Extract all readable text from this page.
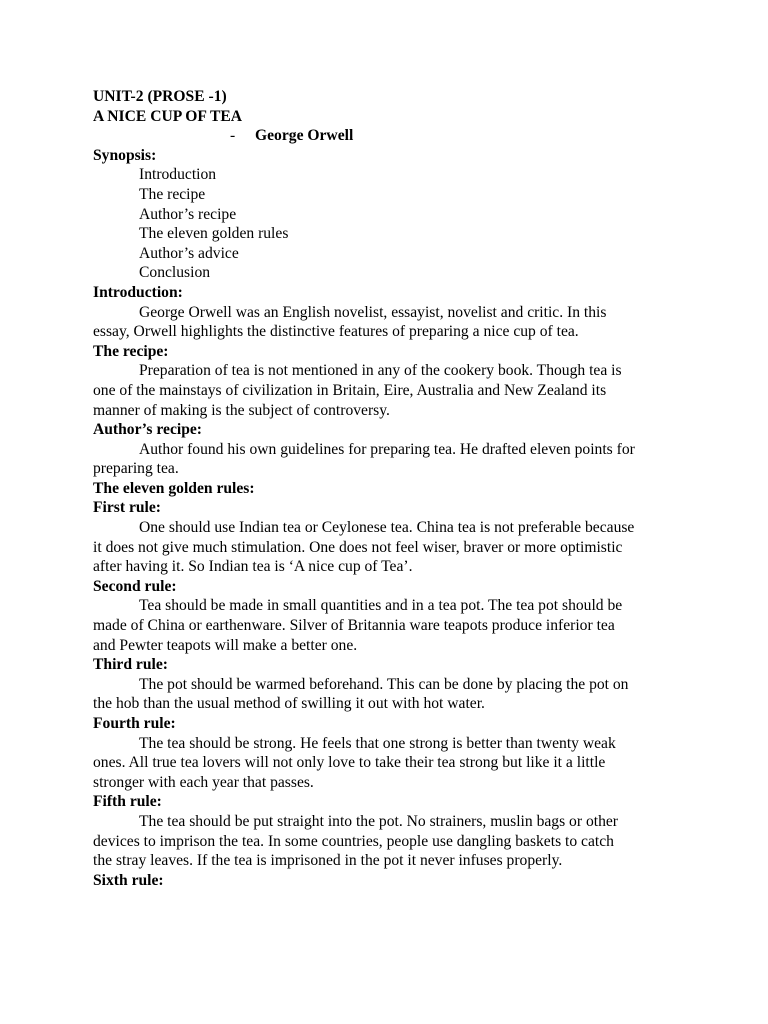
UNIT-2 (PROSE -1)
A NICE CUP OF TEA
- George Orwell
Synopsis:
Introduction
The recipe
Author’s recipe
The eleven golden rules
Author’s advice
Conclusion
Introduction:
George Orwell was an English novelist, essayist, novelist and critic. In this
essay, Orwell highlights the distinctive features of preparing a nice cup of tea.
The recipe:
Preparation of tea is not mentioned in any of the cookery book. Though tea is
one of the mainstays of civilization in Britain, Eire, Australia and New Zealand its
manner of making is the subject of controversy.
Author’s recipe:
Author found his own guidelines for preparing tea. He drafted eleven points for
preparing tea.
The eleven golden rules:
First rule:
One should use Indian tea or Ceylonese tea. China tea is not preferable because
it does not give much stimulation. One does not feel wiser, braver or more optimistic
after having it. So Indian tea is ‘A nice cup of Tea’.
Second rule:
Tea should be made in small quantities and in a tea pot. The tea pot should be
made of China or earthenware. Silver of Britannia ware teapots produce inferior tea
and Pewter teapots will make a better one.
Third rule:
The pot should be warmed beforehand. This can be done by placing the pot on
the hob than the usual method of swilling it out with hot water.
Fourth rule:
The tea should be strong. He feels that one strong is better than twenty weak
ones. All true tea lovers will not only love to take their tea strong but like it a little
stronger with each year that passes.
Fifth rule:
The tea should be put straight into the pot. No strainers, muslin bags or other
devices to imprison the tea. In some countries, people use dangling baskets to catch
the stray leaves. If the tea is imprisoned in the pot it never infuses properly.
Sixth rule:
